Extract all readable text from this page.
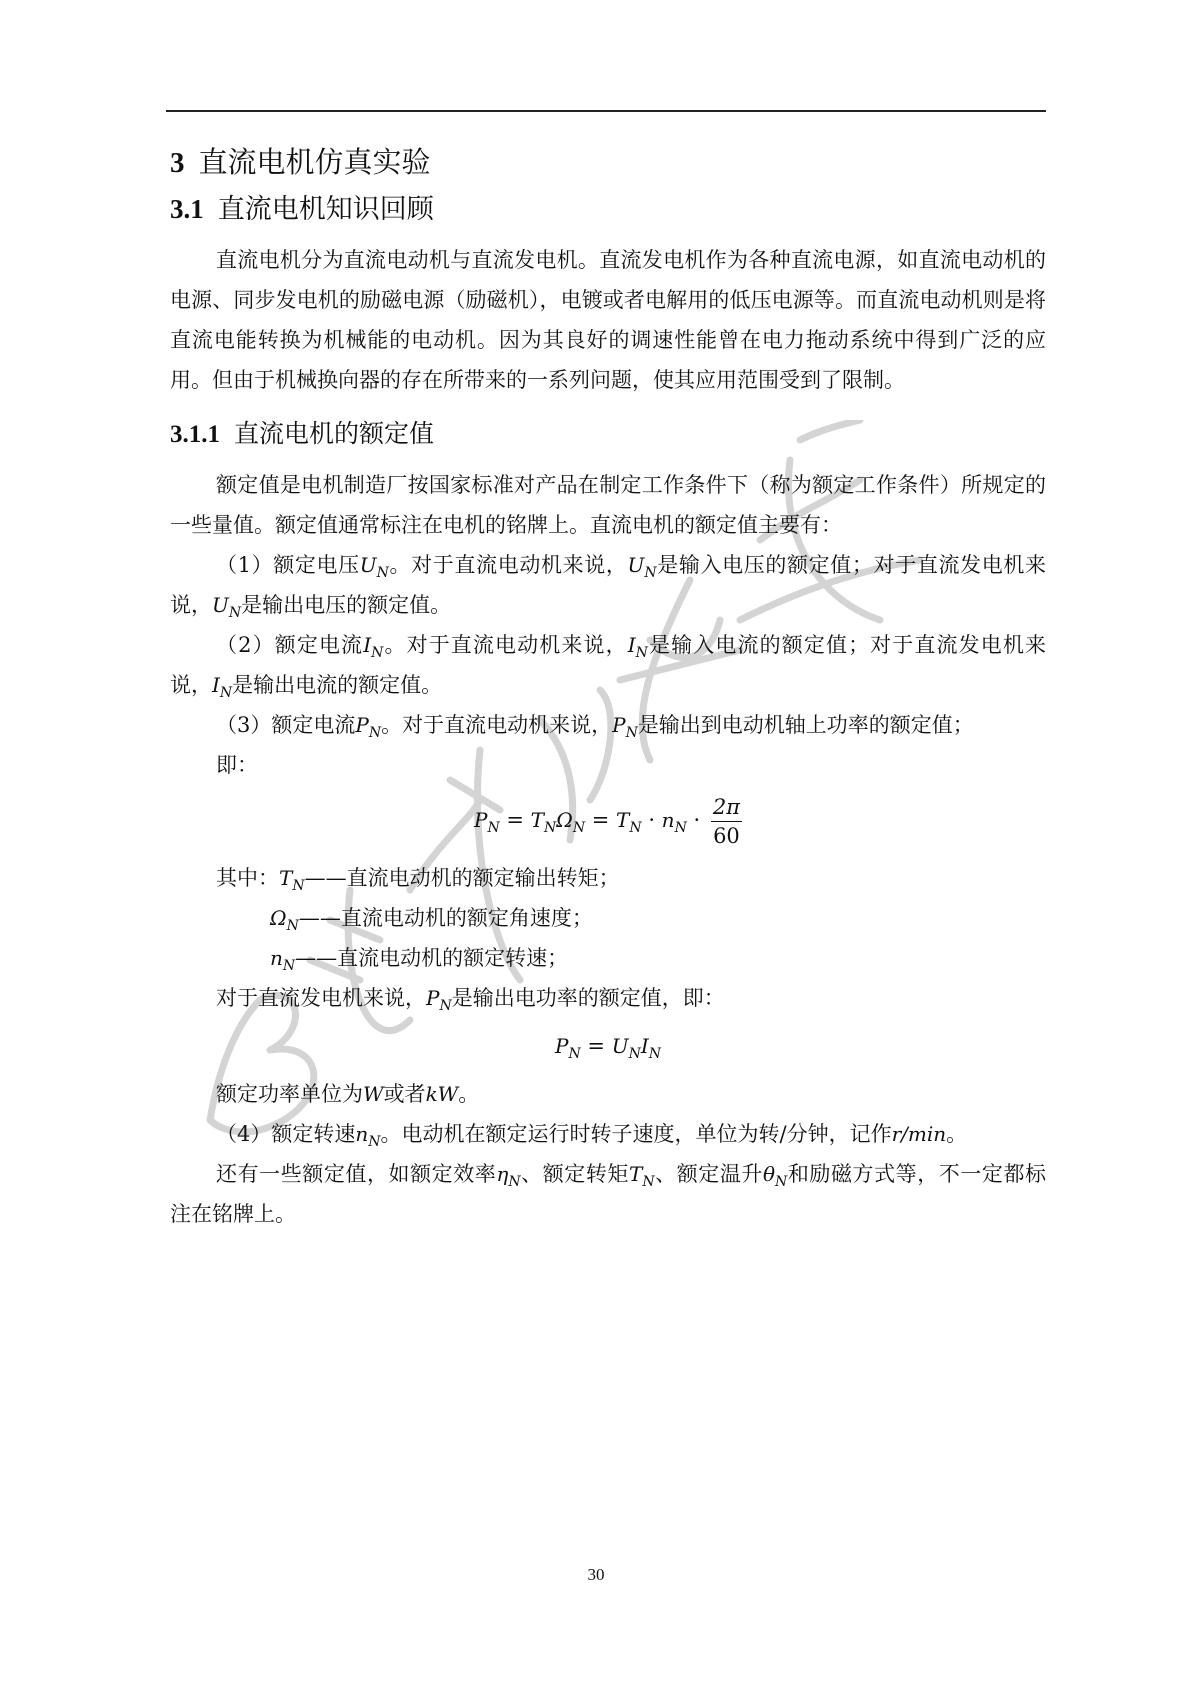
3 直流电机仿真实验
3.1 直流电机知识回顾

直流电机分为直流电动机与直流发电机。直流发电机作为各种直流电源，如直流电动机的电源、同步发电机的励磁电源（励磁机），电镀或者电解用的低压电源等。而直流电动机则是将直流电能转换为机械能的电动机。因为其良好的调速性能曾在电力拖动系统中得到广泛的应用。但由于机械换向器的存在所带来的一系列问题，使其应用范围受到了限制。

3.1.1 直流电机的额定值

额定值是电机制造厂按国家标准对产品在制定工作条件下（称为额定工作条件）所规定的一些量值。额定值通常标注在电机的铭牌上。直流电机的额定值主要有：

（1）额定电压$U_N$。对于直流电动机来说，$U_N$是输入电压的额定值；对于直流发电机来说，$U_N$是输出电压的额定值。

（2）额定电流$I_N$。对于直流电动机来说，$I_N$是输入电流的额定值；对于直流发电机来说，$I_N$是输出电流的额定值。

（3）额定电流$P_N$。对于直流电动机来说，$P_N$是输出到电动机轴上功率的额定值；

即：

$P_N = T_N\Omega_N = T_N \cdot n_N \cdot \frac{2\pi}{60}$

其中：$T_N——$直流电动机的额定输出转矩；

$\Omega_N——$直流电动机的额定角速度；

$n_N——$直流电动机的额定转速；

对于直流发电机来说，$P_N$是输出电功率的额定值，即：

$P_N = U_NI_N$

额定功率单位为W或者kW。

（4）额定转速$n_N$。电动机在额定运行时转子速度，单位为转/分钟，记作r/min。

还有一些额定值，如额定效率$\eta_N$、额定转矩$T_N$、额定温升$\theta_N$和励磁方式等，不一定都标注在铭牌上。

30
